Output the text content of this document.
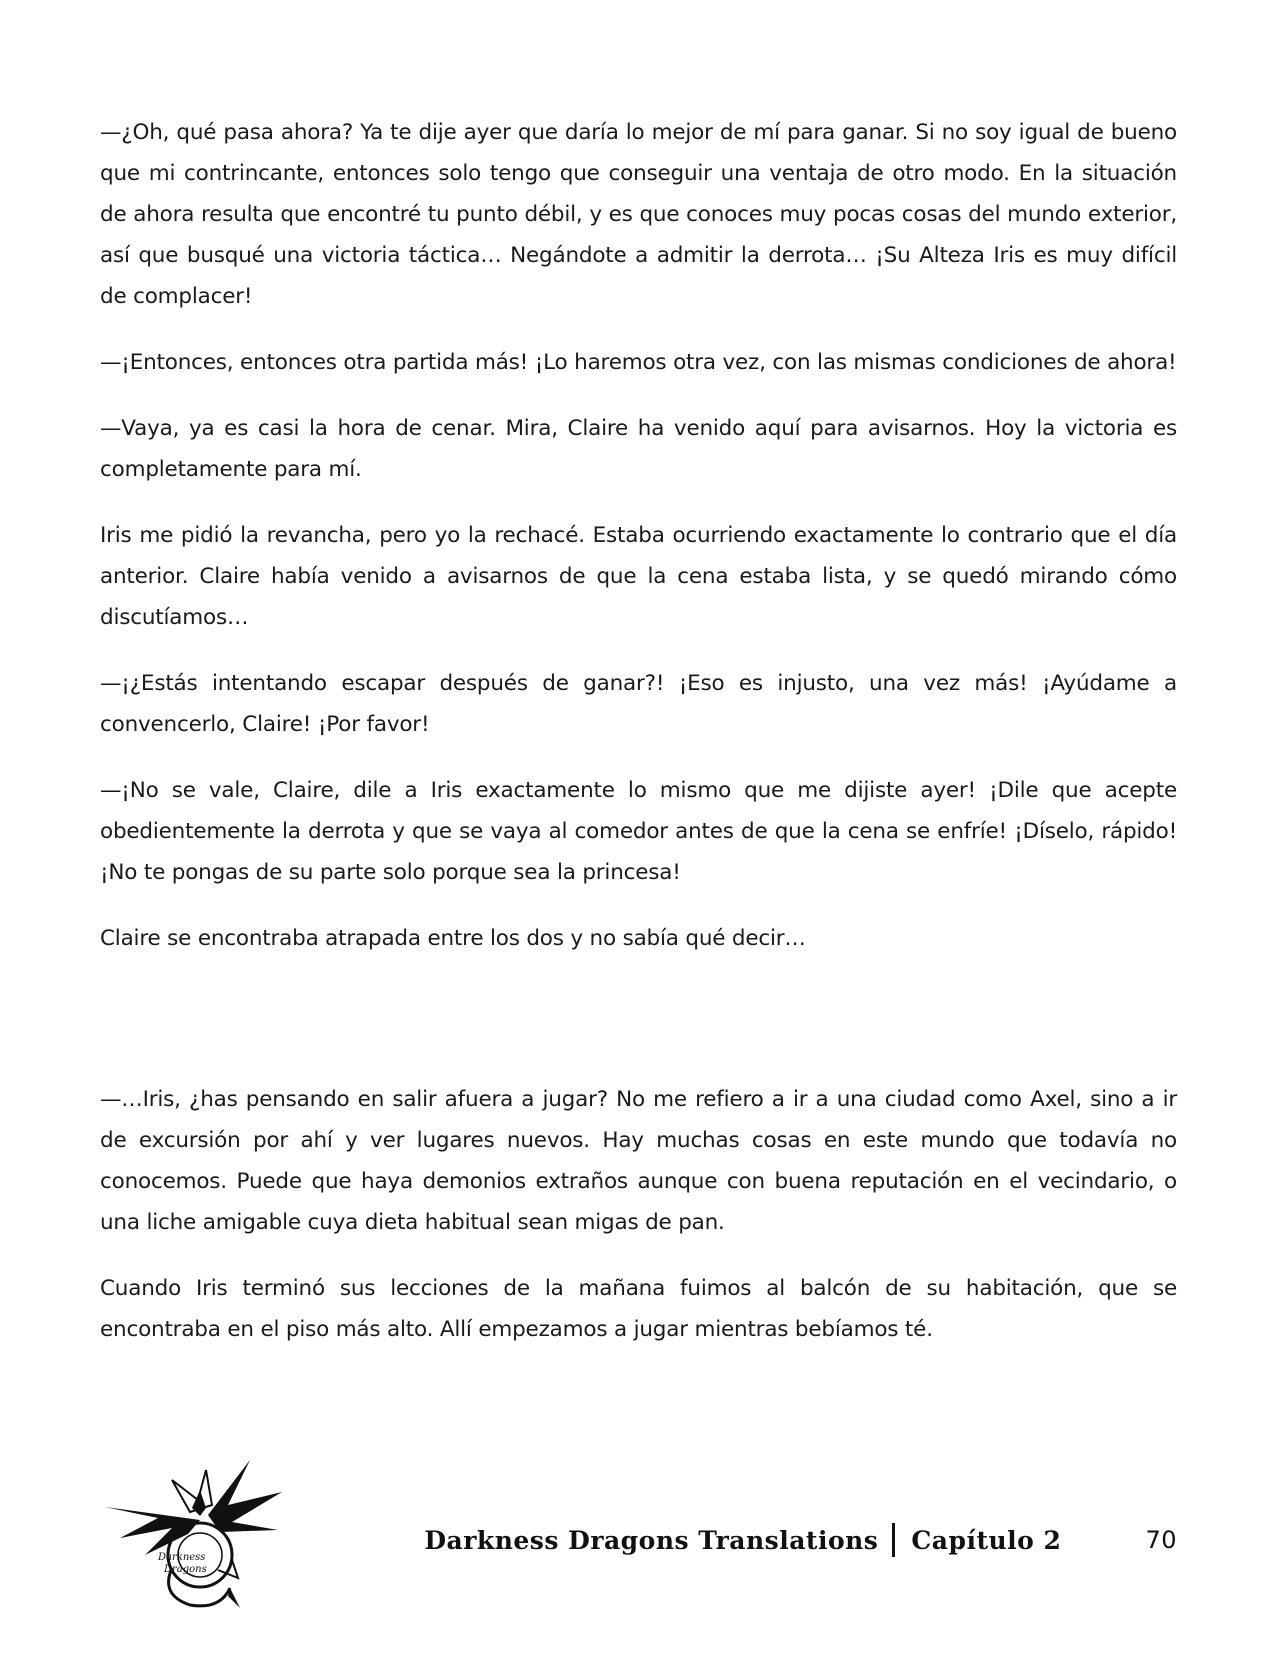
—¿Oh, qué pasa ahora? Ya te dije ayer que daría lo mejor de mí para ganar. Si no soy igual de bueno que mi contrincante, entonces solo tengo que conseguir una ventaja de otro modo. En la situación de ahora resulta que encontré tu punto débil, y es que conoces muy pocas cosas del mundo exterior, así que busqué una victoria táctica… Negándote a admitir la derrota… ¡Su Alteza Iris es muy difícil de complacer!

—¡Entonces, entonces otra partida más! ¡Lo haremos otra vez, con las mismas condiciones de ahora!

—Vaya, ya es casi la hora de cenar. Mira, Claire ha venido aquí para avisarnos. Hoy la victoria es completamente para mí.

Iris me pidió la revancha, pero yo la rechacé. Estaba ocurriendo exactamente lo contrario que el día anterior. Claire había venido a avisarnos de que la cena estaba lista, y se quedó mirando cómo discutíamos…

—¡¿Estás intentando escapar después de ganar?! ¡Eso es injusto, una vez más! ¡Ayúdame a convencerlo, Claire! ¡Por favor!

—¡No se vale, Claire, dile a Iris exactamente lo mismo que me dijiste ayer! ¡Dile que acepte obedientemente la derrota y que se vaya al comedor antes de que la cena se enfríe! ¡Díselo, rápido! ¡No te pongas de su parte solo porque sea la princesa!

Claire se encontraba atrapada entre los dos y no sabía qué decir…

—…Iris, ¿has pensando en salir afuera a jugar? No me refiero a ir a una ciudad como Axel, sino a ir de excursión por ahí y ver lugares nuevos. Hay muchas cosas en este mundo que todavía no conocemos. Puede que haya demonios extraños aunque con buena reputación en el vecindario, o una liche amigable cuya dieta habitual sean migas de pan.

Cuando Iris terminó sus lecciones de la mañana fuimos al balcón de su habitación, que se encontraba en el piso más alto. Allí empezamos a jugar mientras bebíamos té.

Darkness
Dragons
Darkness Dragons Translations Capítulo 2	70
